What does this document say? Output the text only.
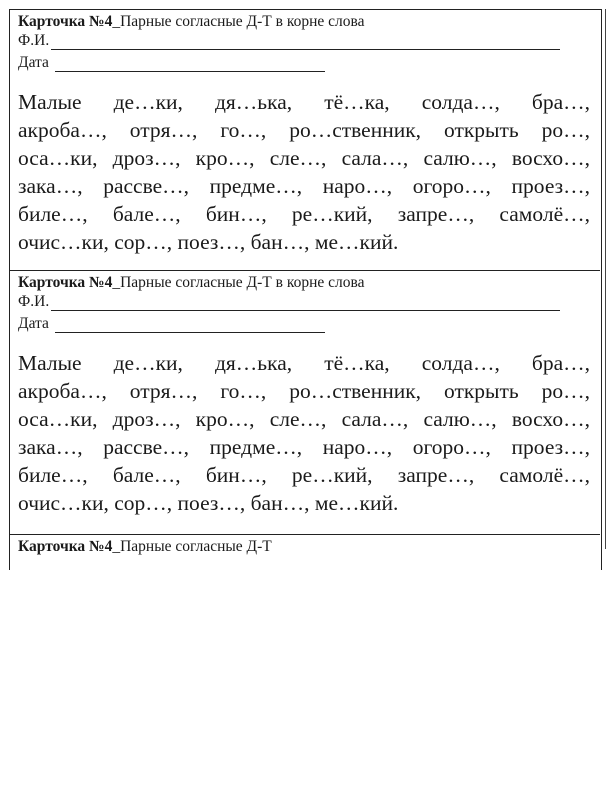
Карточка №4_Парные согласные Д-Т в корне слова
Ф.И.
Дата
Малые де…ки, дя…ька, тё…ка, солда…, бра…,
акроба…, отря…, го…, ро…ственник, открыть ро…,
оса…ки, дроз…, кро…, сле…, сала…, салю…, восхо…,
зака…, рассве…, предме…, наро…, огоро…, проез…,
биле…, бале…, бин…, ре…кий, запре…, самолё…,
очис…ки, сор…, поез…, бан…, ме…кий.
Карточка №4_Парные согласные Д-Т в корне слова
Ф.И.
Дата
Малые де…ки, дя…ька, тё…ка, солда…, бра…,
акроба…, отря…, го…, ро…ственник, открыть ро…,
оса…ки, дроз…, кро…, сле…, сала…, салю…, восхо…,
зака…, рассве…, предме…, наро…, огоро…, проез…,
биле…, бале…, бин…, ре…кий, запре…, самолё…,
очис…ки, сор…, поез…, бан…, ме…кий.
Карточка №4_Парные согласные Д-Т
